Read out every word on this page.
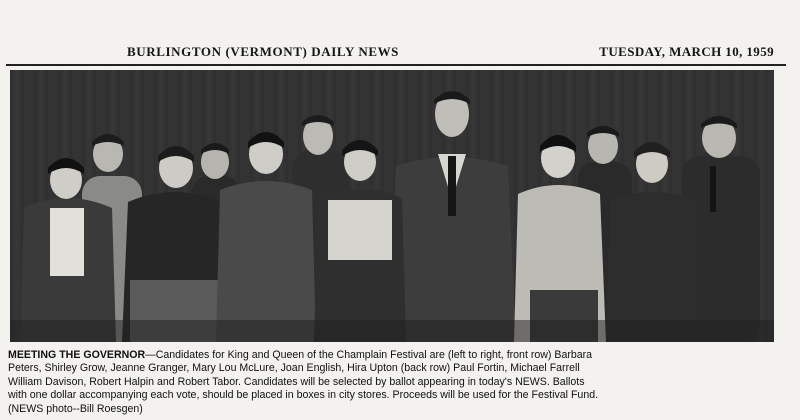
BURLINGTON (VERMONT) DAILY NEWS	TUESDAY, MARCH 10, 1959
MEETING THE GOVERNOR—Candidates for King and Queen of the Champlain Festival are (left to right, front row) Barbara
Peters, Shirley Grow, Jeanne Granger, Mary Lou McLure, Joan English, Hira Upton (back row) Paul Fortin, Michael Farrell
William Davison, Robert Halpin and Robert Tabor. Candidates will be selected by ballot appearing in today's NEWS. Ballots
with one dollar accompanying each vote, should be placed in boxes in city stores. Proceeds will be used for the Festival Fund.
(NEWS photo--Bill Roesgen)
